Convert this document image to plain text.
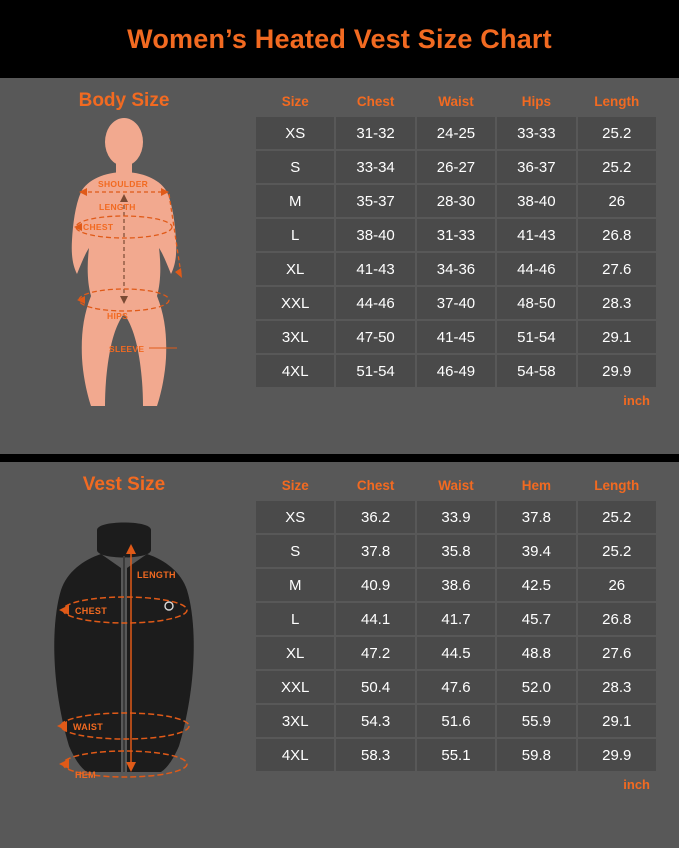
Women’s Heated Vest Size Chart
Body Size
SHOULDER
LENGTH
CHEST
HIPS
SLEEVE
Size	Chest	Waist	Hips	Length
XS	31-32	24-25	33-33	25.2
S	33-34	26-27	36-37	25.2
M	35-37	28-30	38-40	26
L	38-40	31-33	41-43	26.8
XL	41-43	34-36	44-46	27.6
XXL	44-46	37-40	48-50	28.3
3XL	47-50	41-45	51-54	29.1
4XL	51-54	46-49	54-58	29.9
inch
Vest Size
LENGTH
CHEST
WAIST
HEM
Size	Chest	Waist	Hem	Length
XS	36.2	33.9	37.8	25.2
S	37.8	35.8	39.4	25.2
M	40.9	38.6	42.5	26
L	44.1	41.7	45.7	26.8
XL	47.2	44.5	48.8	27.6
XXL	50.4	47.6	52.0	28.3
3XL	54.3	51.6	55.9	29.1
4XL	58.3	55.1	59.8	29.9
inch
